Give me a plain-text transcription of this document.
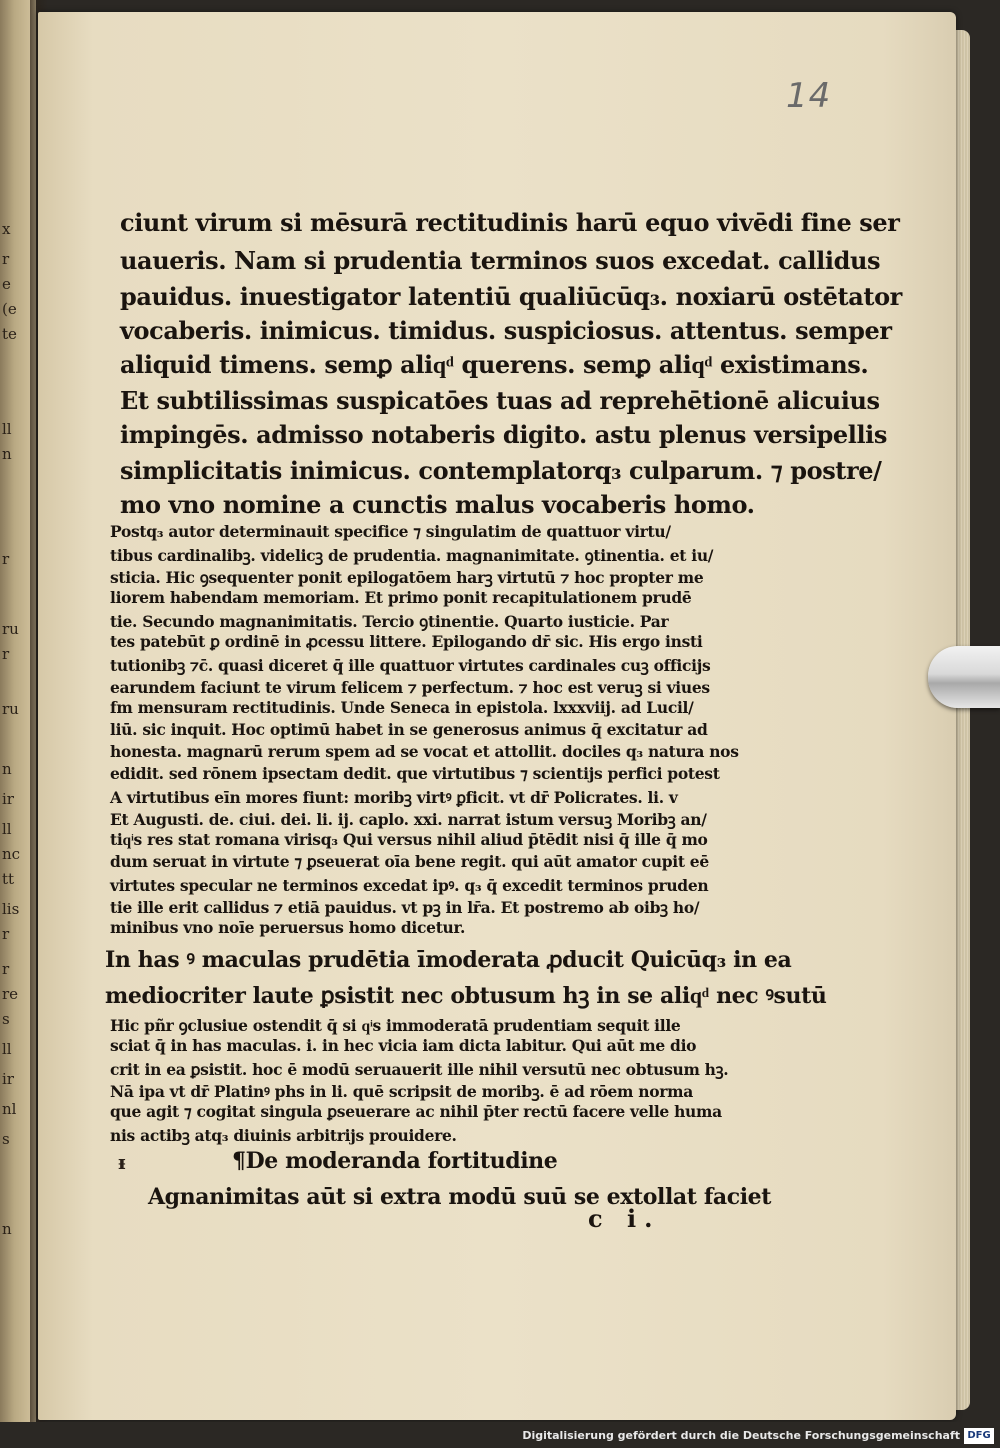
x
r
e
(e
te
ll
n
r
ru
r
ru
n
ir
ll
nc
tt
lis
r
r
re
s
ll
ir
nl
s
n
14
ᵻ
c i.
Digitalisierung gefördert durch die Deutsche Forschungsgemeinschaft DFG
ciunt virum si mēsurā rectitudinis harū equo vivēdi fine ser
uaueris. Nam si prudentia terminos suos excedat. callidus
pauidus. inuestigator latentiū qualiūcūq₃. noxiarū ostētator
vocaberis. inimicus. timidus. suspiciosus. attentus. semper
aliquid timens. semꝑ aliqͩ querens. semꝑ aliqͩ existimans.
Et subtilissimas suspicatōes tuas ad reprehētionē alicuius
impingēs. admisso notaberis digito. astu plenus versipellis
simplicitatis inimicus. contemplatorq₃ culparum. ⁊ postre/
mo vno nomine a cunctis malus vocaberis homo.
Postq₃ autor determinauit specifice ⁊ singulatim de quattuor virtu/
tibus cardinalibꝫ. videlicꝫ de prudentia. magnanimitate. ꝯtinentia. et iu/
sticia. Hic ꝯsequenter ponit epilogatōem harꝫ virtutū ⁊ hoc propter me
liorem habendam memoriam. Et primo ponit recapitulationem prudē
tie. Secundo magnanimitatis. Tercio ꝯtinentie. Quarto iusticie. Par
tes patebūt ꝑ ordinē in ꝓcessu littere. Epilogando dr̄ sic. His ergo insti
tutionibꝫ ⁊c̄. quasi diceret q̄ ille quattuor virtutes cardinales cuꝫ officijs
earundem faciunt te virum felicem ⁊ perfectum. ⁊ hoc est veruꝫ si viues
fm mensuram rectitudinis. Unde Seneca in epistola. lxxxviij. ad Lucil/
liū. sic inquit. Hoc optimū habet in se generosus animus q̄ excitatur ad
honesta. magnarū rerum spem ad se vocat et attollit. dociles q₃ natura nos
edidit. sed rōnem ipsectam dedit. que virtutibus ⁊ scientijs perfici potest
A virtutibus eīn mores fiunt: moribꝫ virtꝰ ꝑficit. vt dr̄ Policrates. li. v
Et Augusti. de. ciui. dei. li. ij. caplo. xxi. narrat istum versuꝫ Moribꝫ an/
tiqͥs res stat romana virisq₃ Qui versus nihil aliud p̄tēdit nisi q̄ ille q̄ mo
dum seruat in virtute ⁊ ꝑseuerat oīa bene regit. qui aūt amator cupit eē
virtutes specular ne terminos excedat ipꝰ. q₃ q̄ excedit terminos pruden
tie ille erit callidus ⁊ etiā pauidus. vt pꝫ in lr̄a. Et postremo ab oibꝫ ho/
minibus vno noīe peruersus homo dicetur.
In has ꝰ maculas prudētia īmoderata ꝓducit Quicūq₃ in ea
mediocriter laute ꝑsistit nec obtusum hꝫ in se aliqͩ nec ꝰsutū
Hic pñr ꝯclusiue ostendit q̄ si qͥs immoderatā prudentiam sequit ille
sciat q̄ in has maculas. i. in hec vicia iam dicta labitur. Qui aūt me dio
crit in ea ꝑsistit. hoc ē modū seruauerit ille nihil versutū nec obtusum hꝫ.
Nā ipa vt dr̄ Platinꝰ phs in li. quē scripsit de moribꝫ. ē ad rōem norma
que agit ⁊ cogitat singula ꝑseuerare ac nihil p̄ter rectū facere velle huma
nis actibꝫ atq₃ diuinis arbitrijs prouidere.
¶De moderanda fortitudine
Agnanimitas aūt si extra modū suū se extollat faciet
